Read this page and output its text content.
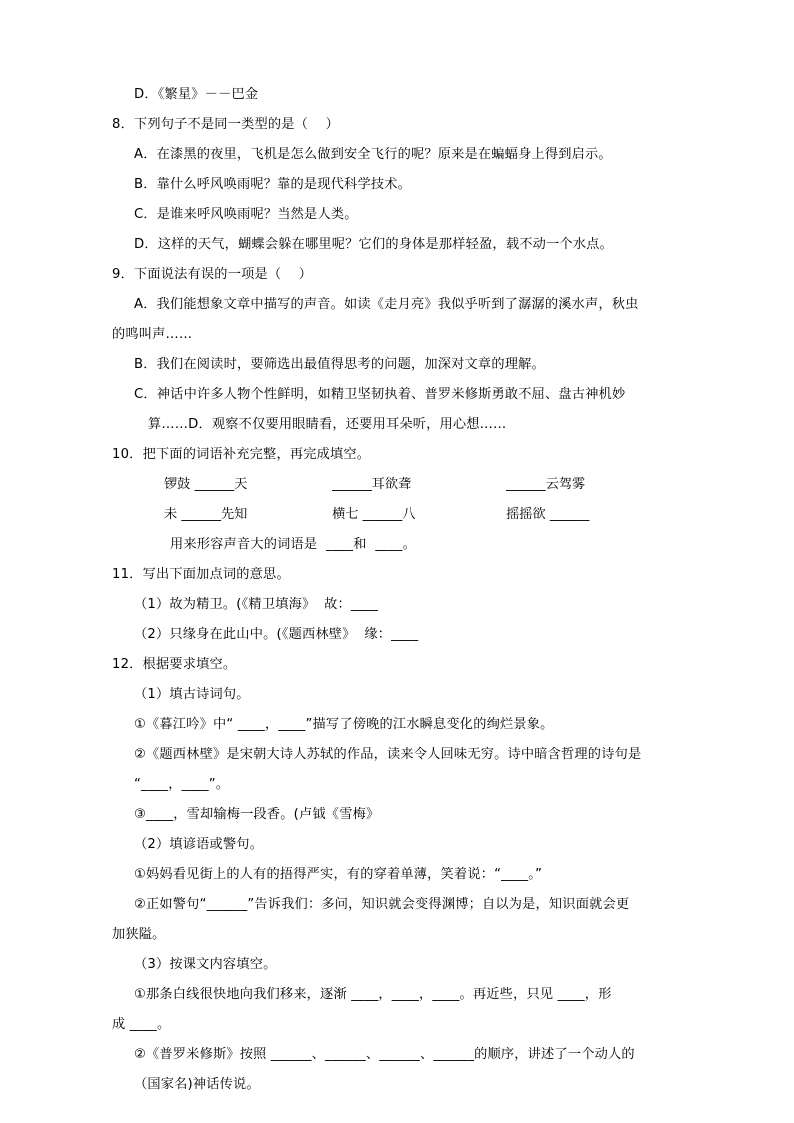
D．《繁星》－－巴金
8．下列句子不是同一类型的是（    ）
A．在漆黑的夜里，飞机是怎么做到安全飞行的呢？原来是在蝙蝠身上得到启示。
B．靠什么呼风唤雨呢？靠的是现代科学技术。
C．是谁来呼风唤雨呢？当然是人类。
D．这样的天气，蝴蝶会躲在哪里呢？它们的身体是那样轻盈，载不动一个水点。
9．下面说法有误的一项是（    ）
A．我们能想象文章中描写的声音。如读《走月亮》我似乎听到了潺潺的溪水声，秋虫
的鸣叫声……
B．我们在阅读时，要筛选出最值得思考的问题，加深对文章的理解。
C．神话中许多人物个性鲜明，如精卫坚韧执着、普罗米修斯勇敢不屈、盘古神机妙
算……D．观察不仅要用眼睛看，还要用耳朵听，用心想……
10．把下面的词语补充完整，再完成填空。
锣鼓 ______天	______耳欲聋	______云驾雾
未 ______先知	横七 ______八	摇摇欲 ______
用来形容声音大的词语是  ____和  ____。
11．写出下面加点词的意思。
（1）故为精卫。(《精卫填海》  故：____
（2）只缘身在此山中。(《题西林壁》  缘：____
12．根据要求填空。
（1）填古诗词句。
①《暮江吟》中“ ____，____”描写了傍晚的江水瞬息变化的绚烂景象。
②《题西林壁》是宋朝大诗人苏轼的作品，读来令人回味无穷。诗中暗含哲理的诗句是
“____，____”。
③____，雪却输梅一段香。(卢钺《雪梅》
（2）填谚语或警句。
①妈妈看见街上的人有的捂得严实，有的穿着单薄，笑着说：“____。”
②正如警句“______”告诉我们：多问，知识就会变得渊博；自以为是，知识面就会更
加狭隘。
（3）按课文内容填空。
①那条白线很快地向我们移来，逐渐 ____，____，____。再近些，只见 ____，形
成 ____。
②《普罗米修斯》按照 ______、______、______、______的顺序，讲述了一个动人的
（国家名)神话传说。
